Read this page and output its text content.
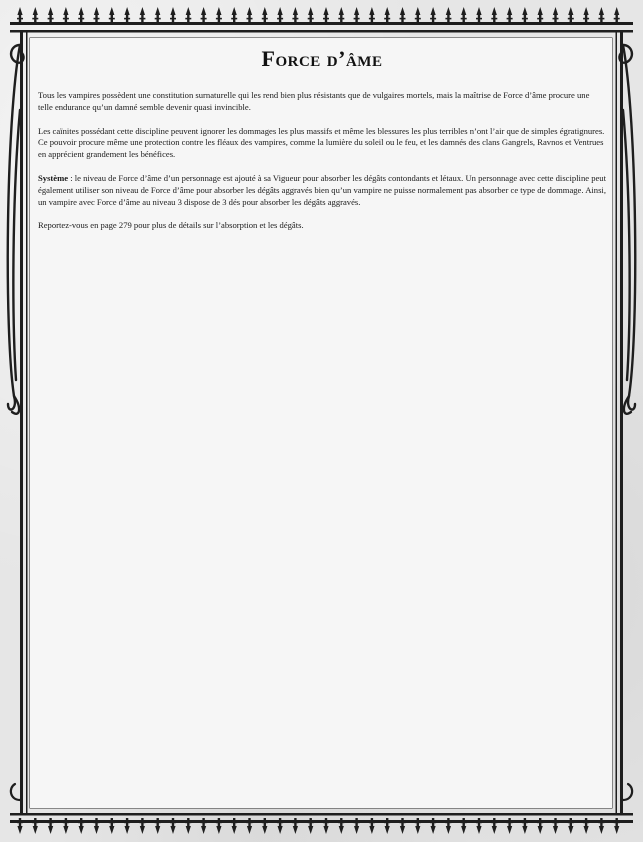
Force d’âme

Tous les vampires possèdent une constitution surnaturelle qui les rend bien plus résistants que de vulgaires mortels, mais la maîtrise de Force d’âme procure une telle endurance qu’un damné semble devenir quasi invincible.

Les caïnites possédant cette discipline peuvent ignorer les dommages les plus massifs et même les blessures les plus terribles n’ont l’air que de simples égratignures. Ce pouvoir procure même une protection contre les fléaux des vampires, comme la lumière du soleil ou le feu, et les damnés des clans Gangrels, Ravnos et Ventrues en apprécient grandement les bénéfices.

Système : le niveau de Force d’âme d’un personnage est ajouté à sa Vigueur pour absorber les dégâts contondants et létaux. Un personnage avec cette discipline peut également utiliser son niveau de Force d’âme pour absorber les dégâts aggravés bien qu’un vampire ne puisse normalement pas absorber ce type de dommage. Ainsi, un vampire avec Force d’âme au niveau 3 dispose de 3 dés pour absorber les dégâts aggravés.

Reportez-vous en page 279 pour plus de détails sur l’absorption et les dégâts.
